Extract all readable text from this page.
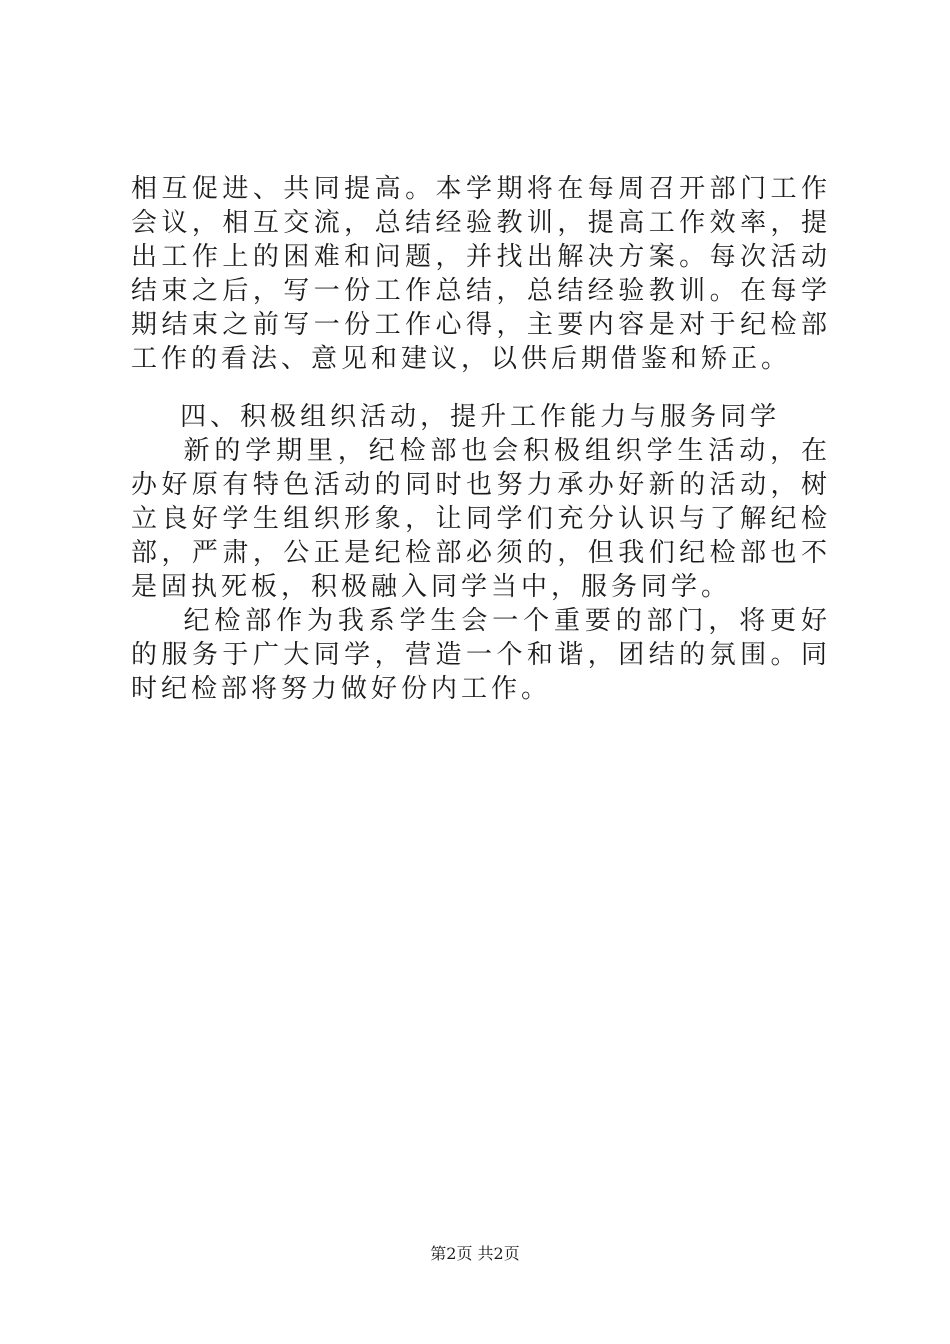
相互促进、共同提高。本学期将在每周召开部门工作会议，相互交流，总结经验教训，提高工作效率，提出工作上的困难和问题，并找出解决方案。每次活动结束之后，写一份工作总结，总结经验教训。在每学期结束之前写一份工作心得，主要内容是对于纪检部工作的看法、意见和建议，以供后期借鉴和矫正。

四、积极组织活动，提升工作能力与服务同学

新的学期里，纪检部也会积极组织学生活动，在办好原有特色活动的同时也努力承办好新的活动，树立良好学生组织形象，让同学们充分认识与了解纪检部，严肃，公正是纪检部必须的，但我们纪检部也不是固执死板，积极融入同学当中，服务同学。

纪检部作为我系学生会一个重要的部门，将更好的服务于广大同学，营造一个和谐，团结的氛围。同时纪检部将努力做好份内工作。

第2页 共2页
